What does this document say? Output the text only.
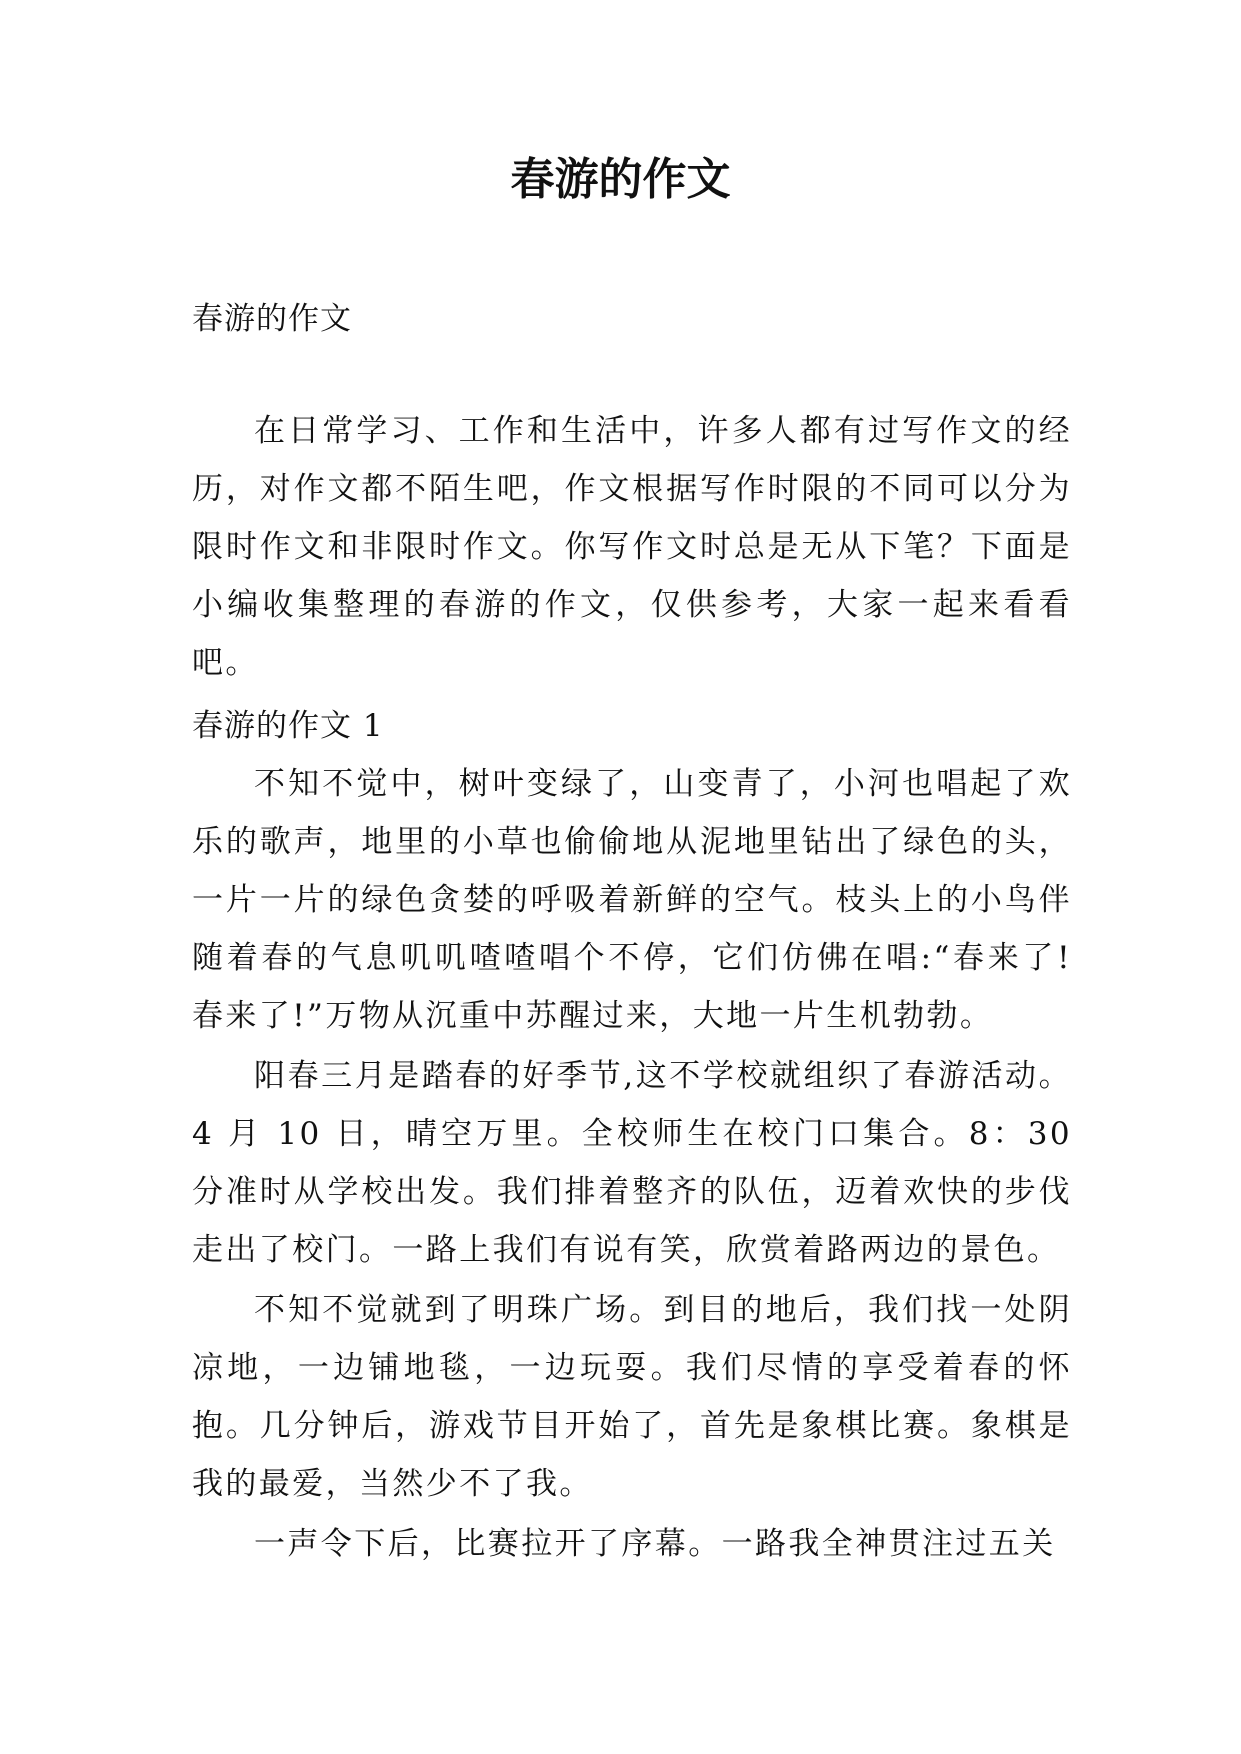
春游的作文

春游的作文

在日常学习、工作和生活中，许多人都有过写作文的经历，对作文都不陌生吧，作文根据写作时限的不同可以分为限时作文和非限时作文。你写作文时总是无从下笔？下面是小编收集整理的春游的作文，仅供参考，大家一起来看看吧。

春游的作文 1

不知不觉中，树叶变绿了，山变青了，小河也唱起了欢乐的歌声，地里的小草也偷偷地从泥地里钻出了绿色的头，一片一片的绿色贪婪的呼吸着新鲜的空气。枝头上的小鸟伴随着春的气息叽叽喳喳唱个不停，它们仿佛在唱:“春来了!春来了!”万物从沉重中苏醒过来，大地一片生机勃勃。

阳春三月是踏春的好季节,这不学校就组织了春游活动。4 月 10 日，晴空万里。全校师生在校门口集合。8：30 分准时从学校出发。我们排着整齐的队伍，迈着欢快的步伐走出了校门。一路上我们有说有笑，欣赏着路两边的景色。

不知不觉就到了明珠广场。到目的地后，我们找一处阴凉地，一边铺地毯，一边玩耍。我们尽情的享受着春的怀抱。几分钟后，游戏节目开始了，首先是象棋比赛。象棋是我的最爱，当然少不了我。

一声令下后，比赛拉开了序幕。一路我全神贯注过五关
